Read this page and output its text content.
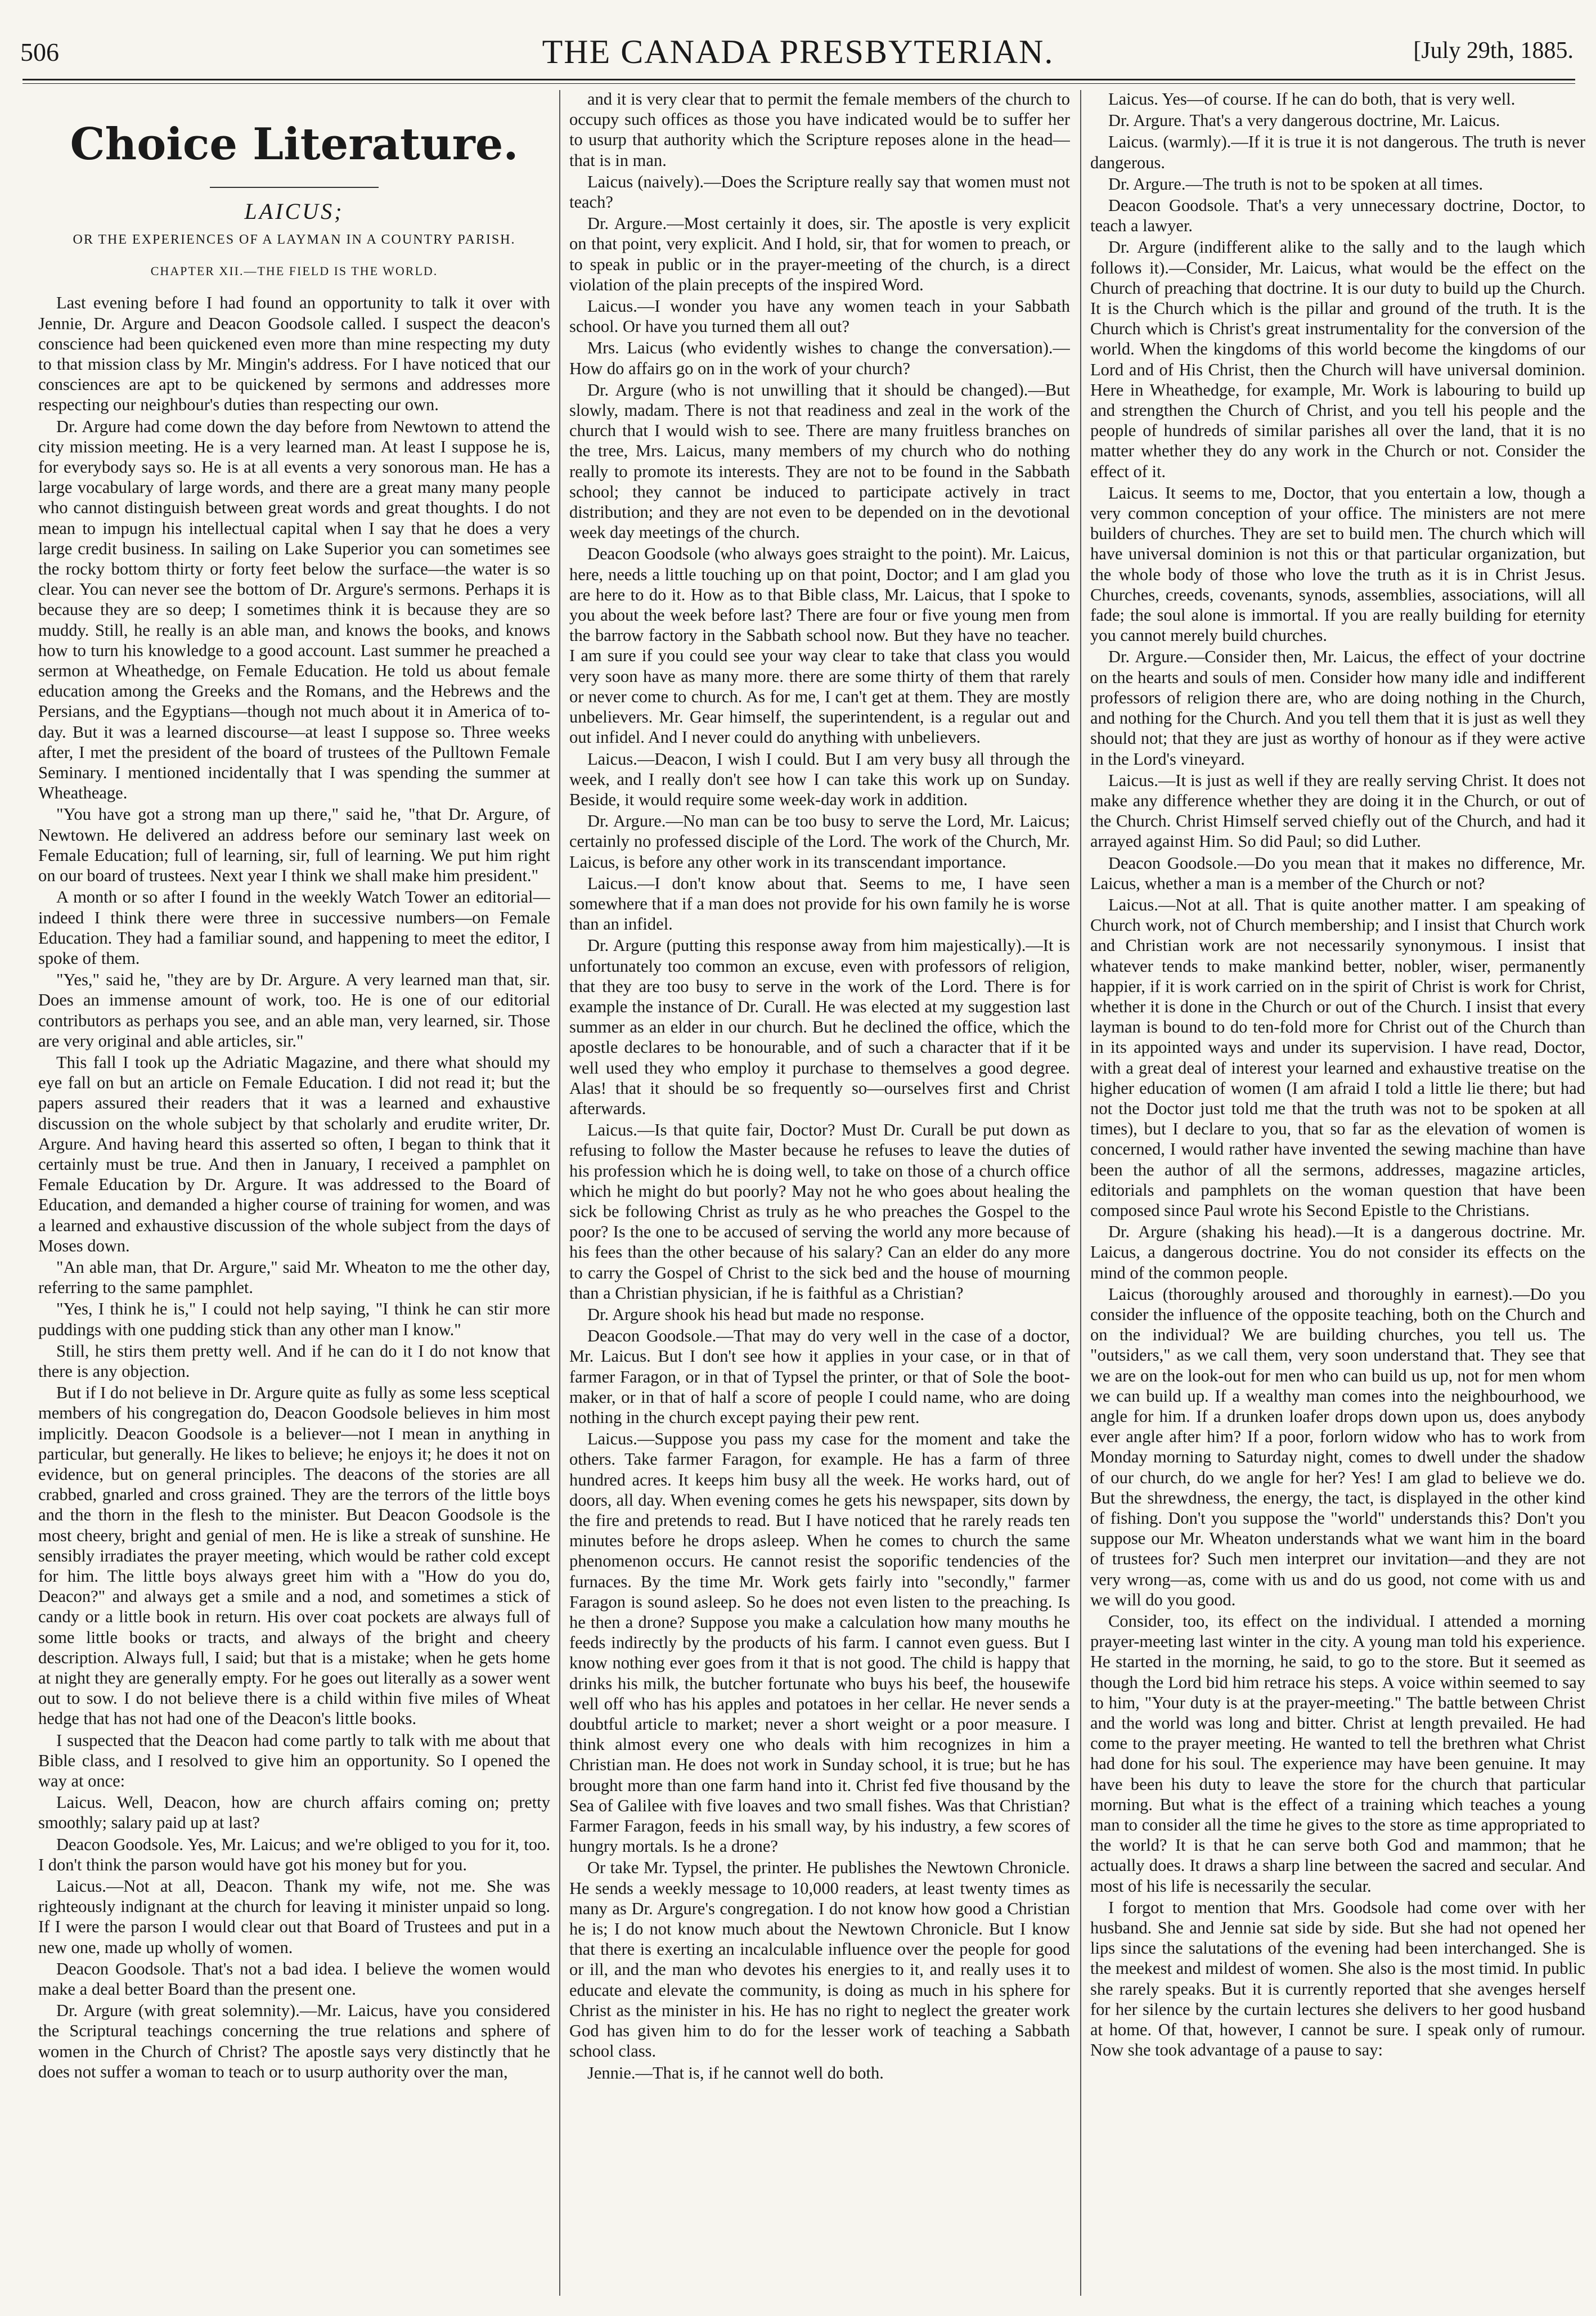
506	THE CANADA PRESBYTERIAN.	[July 29th, 1885.
Choice Literature.
LAICUS;
OR THE EXPERIENCES OF A LAYMAN IN A COUNTRY PARISH.
CHAPTER XII.—THE FIELD IS THE WORLD.

Last evening before I had found an opportunity to talk it over with Jennie, Dr. Argure and Deacon Goodsole called. I suspect the deacon's conscience had been quickened even more than mine respecting my duty to that mission class by Mr. Mingin's address. For I have noticed that our consciences are apt to be quickened by sermons and addresses more respecting our neighbour's duties than respecting our own.

Dr. Argure had come down the day before from Newtown to attend the city mission meeting. He is a very learned man. At least I suppose he is, for everybody says so. He is at all events a very sonorous man. He has a large vocabulary of large words, and there are a great many many people who cannot distinguish between great words and great thoughts. I do not mean to impugn his intellectual capital when I say that he does a very large credit business. In sailing on Lake Superior you can sometimes see the rocky bottom thirty or forty feet below the surface—the water is so clear. You can never see the bottom of Dr. Argure's sermons. Perhaps it is because they are so deep; I sometimes think it is because they are so muddy. Still, he really is an able man, and knows the books, and knows how to turn his knowledge to a good account. Last summer he preached a sermon at Wheathedge, on Female Education. He told us about female education among the Greeks and the Romans, and the Hebrews and the Persians, and the Egyptians—though not much about it in America of to-day. But it was a learned discourse—at least I suppose so. Three weeks after, I met the president of the board of trustees of the Pulltown Female Seminary. I mentioned incidentally that I was spending the summer at Wheatheage.

"You have got a strong man up there," said he, "that Dr. Argure, of Newtown. He delivered an address before our seminary last week on Female Education; full of learning, sir, full of learning. We put him right on our board of trustees. Next year I think we shall make him president."

A month or so after I found in the weekly Watch Tower an editorial—indeed I think there were three in successive numbers—on Female Education. They had a familiar sound, and happening to meet the editor, I spoke of them.

"Yes," said he, "they are by Dr. Argure. A very learned man that, sir. Does an immense amount of work, too. He is one of our editorial contributors as perhaps you see, and an able man, very learned, sir. Those are very original and able articles, sir."

This fall I took up the Adriatic Magazine, and there what should my eye fall on but an article on Female Education. I did not read it; but the papers assured their readers that it was a learned and exhaustive discussion on the whole subject by that scholarly and erudite writer, Dr. Argure. And having heard this asserted so often, I began to think that it certainly must be true. And then in January, I received a pamphlet on Female Education by Dr. Argure. It was addressed to the Board of Education, and demanded a higher course of training for women, and was a learned and exhaustive discussion of the whole subject from the days of Moses down.

"An able man, that Dr. Argure," said Mr. Wheaton to me the other day, referring to the same pamphlet.

"Yes, I think he is," I could not help saying, "I think he can stir more puddings with one pudding stick than any other man I know."

Still, he stirs them pretty well. And if he can do it I do not know that there is any objection.

But if I do not believe in Dr. Argure quite as fully as some less sceptical members of his congregation do, Deacon Goodsole believes in him most implicitly. Deacon Goodsole is a believer—not I mean in anything in particular, but generally. He likes to believe; he enjoys it; he does it not on evidence, but on general principles. The deacons of the stories are all crabbed, gnarled and cross grained. They are the terrors of the little boys and the thorn in the flesh to the minister. But Deacon Goodsole is the most cheery, bright and genial of men. He is like a streak of sunshine. He sensibly irradiates the prayer meeting, which would be rather cold except for him. The little boys always greet him with a "How do you do, Deacon?" and always get a smile and a nod, and sometimes a stick of candy or a little book in return. His over coat pockets are always full of some little books or tracts, and always of the bright and cheery description. Always full, I said; but that is a mistake; when he gets home at night they are generally empty. For he goes out literally as a sower went out to sow. I do not believe there is a child within five miles of Wheat hedge that has not had one of the Deacon's little books.

I suspected that the Deacon had come partly to talk with me about that Bible class, and I resolved to give him an opportunity. So I opened the way at once:

Laicus. Well, Deacon, how are church affairs coming on; pretty smoothly; salary paid up at last?

Deacon Goodsole. Yes, Mr. Laicus; and we're obliged to you for it, too. I don't think the parson would have got his money but for you.

Laicus.—Not at all, Deacon. Thank my wife, not me. She was righteously indignant at the church for leaving it minister unpaid so long. If I were the parson I would clear out that Board of Trustees and put in a new one, made up wholly of women.

Deacon Goodsole. That's not a bad idea. I believe the women would make a deal better Board than the present one.

Dr. Argure (with great solemnity).—Mr. Laicus, have you considered the Scriptural teachings concerning the true relations and sphere of women in the Church of Christ? The apostle says very distinctly that he does not suffer a woman to teach or to usurp authority over the man,

and it is very clear that to permit the female members of the church to occupy such offices as those you have indicated would be to suffer her to usurp that authority which the Scripture reposes alone in the head—that is in man.

Laicus (naively).—Does the Scripture really say that women must not teach?

Dr. Argure.—Most certainly it does, sir. The apostle is very explicit on that point, very explicit. And I hold, sir, that for women to preach, or to speak in public or in the prayer-meeting of the church, is a direct violation of the plain precepts of the inspired Word.

Laicus.—I wonder you have any women teach in your Sabbath school. Or have you turned them all out?

Mrs. Laicus (who evidently wishes to change the conversation).—How do affairs go on in the work of your church?

Dr. Argure (who is not unwilling that it should be changed).—But slowly, madam. There is not that readiness and zeal in the work of the church that I would wish to see. There are many fruitless branches on the tree, Mrs. Laicus, many members of my church who do nothing really to promote its interests. They are not to be found in the Sabbath school; they cannot be induced to participate actively in tract distribution; and they are not even to be depended on in the devotional week day meetings of the church.

Deacon Goodsole (who always goes straight to the point). Mr. Laicus, here, needs a little touching up on that point, Doctor; and I am glad you are here to do it. How as to that Bible class, Mr. Laicus, that I spoke to you about the week before last? There are four or five young men from the barrow factory in the Sabbath school now. But they have no teacher. I am sure if you could see your way clear to take that class you would very soon have as many more. there are some thirty of them that rarely or never come to church. As for me, I can't get at them. They are mostly unbelievers. Mr. Gear himself, the superintendent, is a regular out and out infidel. And I never could do anything with unbelievers.

Laicus.—Deacon, I wish I could. But I am very busy all through the week, and I really don't see how I can take this work up on Sunday. Beside, it would require some week-day work in addition.

Dr. Argure.—No man can be too busy to serve the Lord, Mr. Laicus; certainly no professed disciple of the Lord. The work of the Church, Mr. Laicus, is before any other work in its transcendant importance.

Laicus.—I don't know about that. Seems to me, I have seen somewhere that if a man does not provide for his own family he is worse than an infidel.

Dr. Argure (putting this response away from him majestically).—It is unfortunately too common an excuse, even with professors of religion, that they are too busy to serve in the work of the Lord. There is for example the instance of Dr. Curall. He was elected at my suggestion last summer as an elder in our church. But he declined the office, which the apostle declares to be honourable, and of such a character that if it be well used they who employ it purchase to themselves a good degree. Alas! that it should be so frequently so—ourselves first and Christ afterwards.

Laicus.—Is that quite fair, Doctor? Must Dr. Curall be put down as refusing to follow the Master because he refuses to leave the duties of his profession which he is doing well, to take on those of a church office which he might do but poorly? May not he who goes about healing the sick be following Christ as truly as he who preaches the Gospel to the poor? Is the one to be accused of serving the world any more because of his fees than the other because of his salary? Can an elder do any more to carry the Gospel of Christ to the sick bed and the house of mourning than a Christian physician, if he is faithful as a Christian?

Dr. Argure shook his head but made no response.

Deacon Goodsole.—That may do very well in the case of a doctor, Mr. Laicus. But I don't see how it applies in your case, or in that of farmer Faragon, or in that of Typsel the printer, or that of Sole the boot-maker, or in that of half a score of people I could name, who are doing nothing in the church except paying their pew rent.

Laicus.—Suppose you pass my case for the moment and take the others. Take farmer Faragon, for example. He has a farm of three hundred acres. It keeps him busy all the week. He works hard, out of doors, all day. When evening comes he gets his newspaper, sits down by the fire and pretends to read. But I have noticed that he rarely reads ten minutes before he drops asleep. When he comes to church the same phenomenon occurs. He cannot resist the soporific tendencies of the furnaces. By the time Mr. Work gets fairly into "secondly," farmer Faragon is sound asleep. So he does not even listen to the preaching. Is he then a drone? Suppose you make a calculation how many mouths he feeds indirectly by the products of his farm. I cannot even guess. But I know nothing ever goes from it that is not good. The child is happy that drinks his milk, the butcher fortunate who buys his beef, the housewife well off who has his apples and potatoes in her cellar. He never sends a doubtful article to market; never a short weight or a poor measure. I think almost every one who deals with him recognizes in him a Christian man. He does not work in Sunday school, it is true; but he has brought more than one farm hand into it. Christ fed five thousand by the Sea of Galilee with five loaves and two small fishes. Was that Christian? Farmer Faragon, feeds in his small way, by his industry, a few scores of hungry mortals. Is he a drone?

Or take Mr. Typsel, the printer. He publishes the Newtown Chronicle. He sends a weekly message to 10,000 readers, at least twenty times as many as Dr. Argure's congregation. I do not know how good a Christian he is; I do not know much about the Newtown Chronicle. But I know that there is exerting an incalculable influence over the people for good or ill, and the man who devotes his energies to it, and really uses it to educate and elevate the community, is doing as much in his sphere for Christ as the minister in his. He has no right to neglect the greater work God has given him to do for the lesser work of teaching a Sabbath school class.

Jennie.—That is, if he cannot well do both.

Laicus. Yes—of course. If he can do both, that is very well.

Dr. Argure. That's a very dangerous doctrine, Mr. Laicus.

Laicus. (warmly).—If it is true it is not dangerous. The truth is never dangerous.

Dr. Argure.—The truth is not to be spoken at all times.

Deacon Goodsole. That's a very unnecessary doctrine, Doctor, to teach a lawyer.

Dr. Argure (indifferent alike to the sally and to the laugh which follows it).—Consider, Mr. Laicus, what would be the effect on the Church of preaching that doctrine. It is our duty to build up the Church. It is the Church which is the pillar and ground of the truth. It is the Church which is Christ's great instrumentality for the conversion of the world. When the kingdoms of this world become the kingdoms of our Lord and of His Christ, then the Church will have universal dominion. Here in Wheathedge, for example, Mr. Work is labouring to build up and strengthen the Church of Christ, and you tell his people and the people of hundreds of similar parishes all over the land, that it is no matter whether they do any work in the Church or not. Consider the effect of it.

Laicus. It seems to me, Doctor, that you entertain a low, though a very common conception of your office. The ministers are not mere builders of churches. They are set to build men. The church which will have universal dominion is not this or that particular organization, but the whole body of those who love the truth as it is in Christ Jesus. Churches, creeds, covenants, synods, assemblies, associations, will all fade; the soul alone is immortal. If you are really building for eternity you cannot merely build churches.

Dr. Argure.—Consider then, Mr. Laicus, the effect of your doctrine on the hearts and souls of men. Consider how many idle and indifferent professors of religion there are, who are doing nothing in the Church, and nothing for the Church. And you tell them that it is just as well they should not; that they are just as worthy of honour as if they were active in the Lord's vineyard.

Laicus.—It is just as well if they are really serving Christ. It does not make any difference whether they are doing it in the Church, or out of the Church. Christ Himself served chiefly out of the Church, and had it arrayed against Him. So did Paul; so did Luther.

Deacon Goodsole.—Do you mean that it makes no difference, Mr. Laicus, whether a man is a member of the Church or not?

Laicus.—Not at all. That is quite another matter. I am speaking of Church work, not of Church membership; and I insist that Church work and Christian work are not necessarily synonymous. I insist that whatever tends to make mankind better, nobler, wiser, permanently happier, if it is work carried on in the spirit of Christ is work for Christ, whether it is done in the Church or out of the Church. I insist that every layman is bound to do ten-fold more for Christ out of the Church than in its appointed ways and under its supervision. I have read, Doctor, with a great deal of interest your learned and exhaustive treatise on the higher education of women (I am afraid I told a little lie there; but had not the Doctor just told me that the truth was not to be spoken at all times), but I declare to you, that so far as the elevation of women is concerned, I would rather have invented the sewing machine than have been the author of all the sermons, addresses, magazine articles, editorials and pamphlets on the woman question that have been composed since Paul wrote his Second Epistle to the Christians.

Dr. Argure (shaking his head).—It is a dangerous doctrine. Mr. Laicus, a dangerous doctrine. You do not consider its effects on the mind of the common people.

Laicus (thoroughly aroused and thoroughly in earnest).—Do you consider the influence of the opposite teaching, both on the Church and on the individual? We are building churches, you tell us. The "outsiders," as we call them, very soon understand that. They see that we are on the look-out for men who can build us up, not for men whom we can build up. If a wealthy man comes into the neighbourhood, we angle for him. If a drunken loafer drops down upon us, does anybody ever angle after him? If a poor, forlorn widow who has to work from Monday morning to Saturday night, comes to dwell under the shadow of our church, do we angle for her? Yes! I am glad to believe we do. But the shrewdness, the energy, the tact, is displayed in the other kind of fishing. Don't you suppose the "world" understands this? Don't you suppose our Mr. Wheaton understands what we want him in the board of trustees for? Such men interpret our invitation—and they are not very wrong—as, come with us and do us good, not come with us and we will do you good.

Consider, too, its effect on the individual. I attended a morning prayer-meeting last winter in the city. A young man told his experience. He started in the morning, he said, to go to the store. But it seemed as though the Lord bid him retrace his steps. A voice within seemed to say to him, "Your duty is at the prayer-meeting." The battle between Christ and the world was long and bitter. Christ at length prevailed. He had come to the prayer meeting. He wanted to tell the brethren what Christ had done for his soul. The experience may have been genuine. It may have been his duty to leave the store for the church that particular morning. But what is the effect of a training which teaches a young man to consider all the time he gives to the store as time appropriated to the world? It is that he can serve both God and mammon; that he actually does. It draws a sharp line between the sacred and secular. And most of his life is necessarily the secular.

I forgot to mention that Mrs. Goodsole had come over with her husband. She and Jennie sat side by side. But she had not opened her lips since the salutations of the evening had been interchanged. She is the meekest and mildest of women. She also is the most timid. In public she rarely speaks. But it is currently reported that she avenges herself for her silence by the curtain lectures she delivers to her good husband at home. Of that, however, I cannot be sure. I speak only of rumour. Now she took advantage of a pause to say:
